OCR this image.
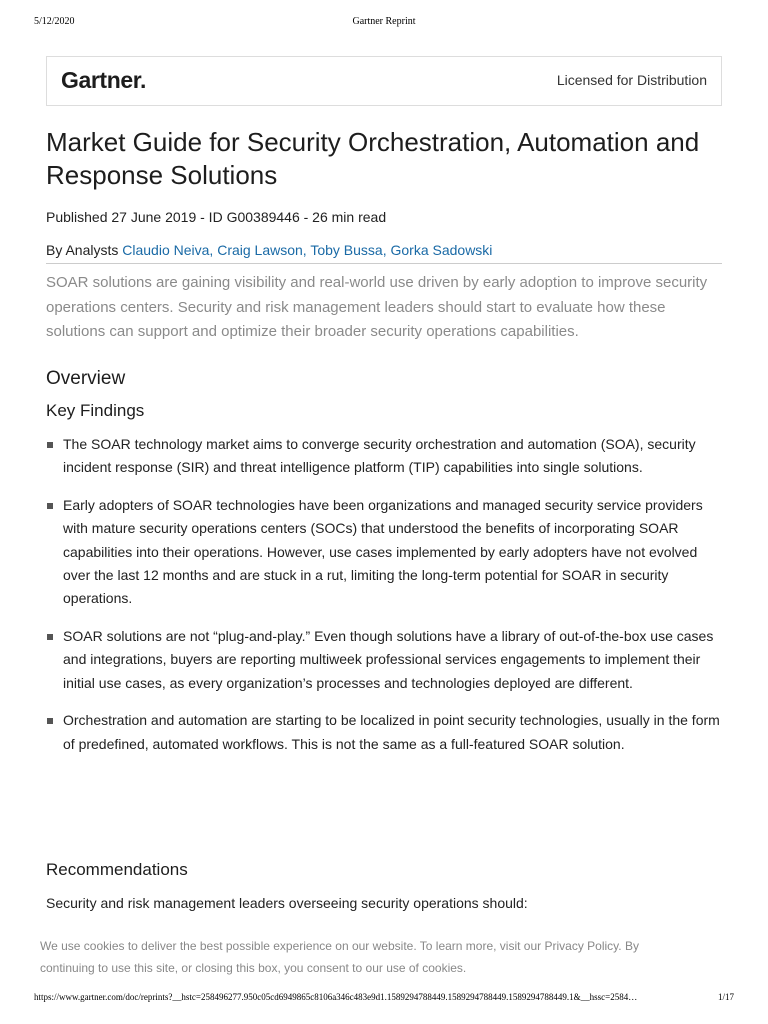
5/12/2020	Gartner Reprint
Gartner.	Licensed for Distribution
Market Guide for Security Orchestration, Automation and Response Solutions
Published 27 June 2019 - ID G00389446 - 26 min read
By Analysts Claudio Neiva, Craig Lawson, Toby Bussa, Gorka Sadowski

SOAR solutions are gaining visibility and real-world use driven by early adoption to improve security operations centers. Security and risk management leaders should start to evaluate how these solutions can support and optimize their broader security operations capabilities.

Overview
Key Findings
The SOAR technology market aims to converge security orchestration and automation (SOA), security incident response (SIR) and threat intelligence platform (TIP) capabilities into single solutions.
Early adopters of SOAR technologies have been organizations and managed security service providers with mature security operations centers (SOCs) that understood the benefits of incorporating SOAR capabilities into their operations. However, use cases implemented by early adopters have not evolved over the last 12 months and are stuck in a rut, limiting the long-term potential for SOAR in security operations.
SOAR solutions are not “plug-and-play.” Even though solutions have a library of out-of-the-box use cases and integrations, buyers are reporting multiweek professional services engagements to implement their initial use cases, as every organization’s processes and technologies deployed are different.
Orchestration and automation are starting to be localized in point security technologies, usually in the form of predefined, automated workflows. This is not the same as a full-featured SOAR solution.
Recommendations
Security and risk management leaders overseeing security operations should:

We use cookies to deliver the best possible experience on our website. To learn more, visit our Privacy Policy. By continuing to use this site, or closing this box, you consent to our use of cookies.

https://www.gartner.com/doc/reprints?__hstc=258496277.950c05cd6949865c8106a346c483e9d1.1589294788449.1589294788449.1589294788449.1&__hssc=2584…	1/17
